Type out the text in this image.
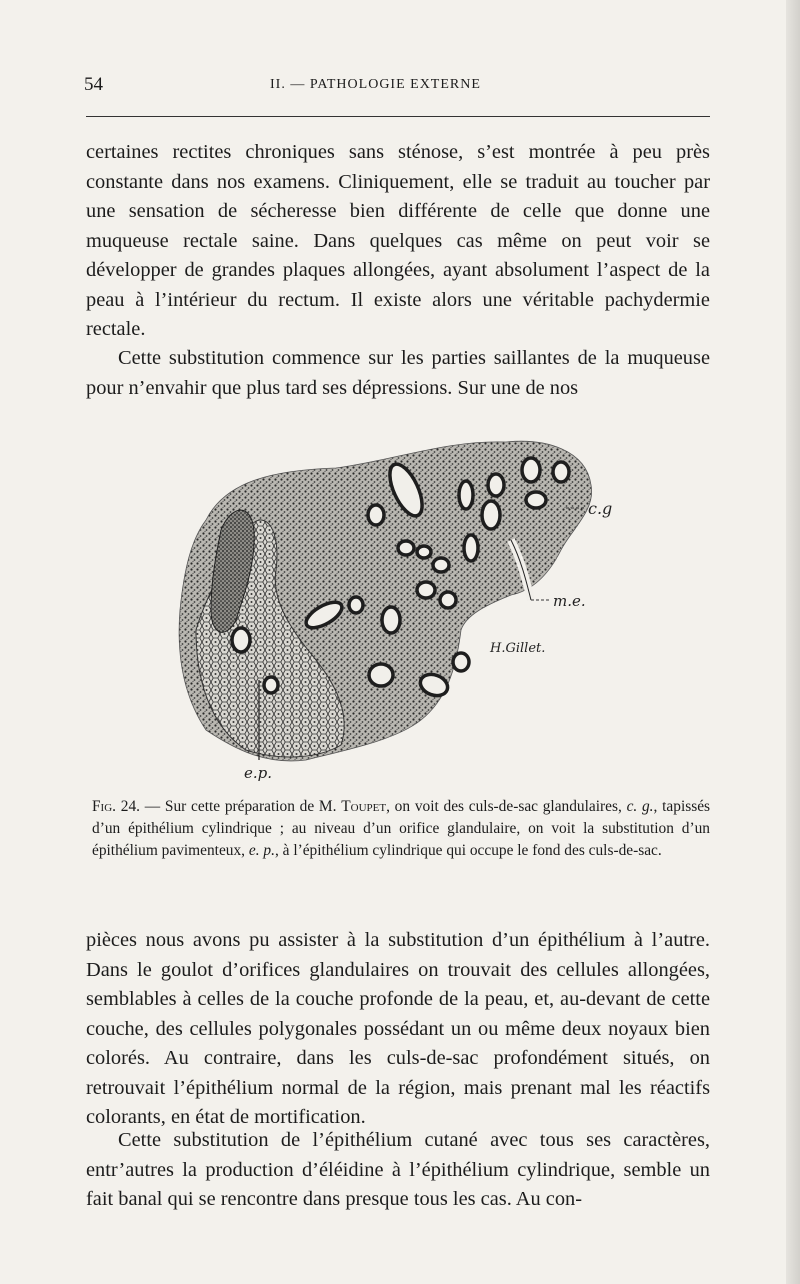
54	II. — PATHOLOGIE EXTERNE

certaines rectites chroniques sans sténose, s’est montrée à peu près constante dans nos examens. Cliniquement, elle se traduit au toucher par une sensation de sécheresse bien différente de celle que donne une muqueuse rectale saine. Dans quelques cas même on peut voir se développer de grandes plaques allongées, ayant absolument l’aspect de la peau à l’intérieur du rectum. Il existe alors une véritable pachydermie rectale.

Cette substitution commence sur les parties saillantes de la muqueuse pour n’envahir que plus tard ses dépressions. Sur une de nos

c.g
m.e.
H.Gillet.
e.p.
Fig. 24. — Sur cette préparation de M. Toupet, on voit des culs-de-sac glandulaires, c. g., tapissés d’un épithélium cylindrique ; au niveau d’un orifice glandulaire, on voit la substitution d’un épithélium pavimenteux, e. p., à l’épithélium cylindrique qui occupe le fond des culs-de-sac.

pièces nous avons pu assister à la substitution d’un épithélium à l’autre. Dans le goulot d’orifices glandulaires on trouvait des cellules allongées, semblables à celles de la couche profonde de la peau, et, au-devant de cette couche, des cellules polygonales possédant un ou même deux noyaux bien colorés. Au contraire, dans les culs-de-sac profondément situés, on retrouvait l’épithélium normal de la région, mais prenant mal les réactifs colorants, en état de mortification.

Cette substitution de l’épithélium cutané avec tous ses caractères, entr’autres la production d’éléidine à l’épithélium cylindrique, semble un fait banal qui se rencontre dans presque tous les cas. Au con-
